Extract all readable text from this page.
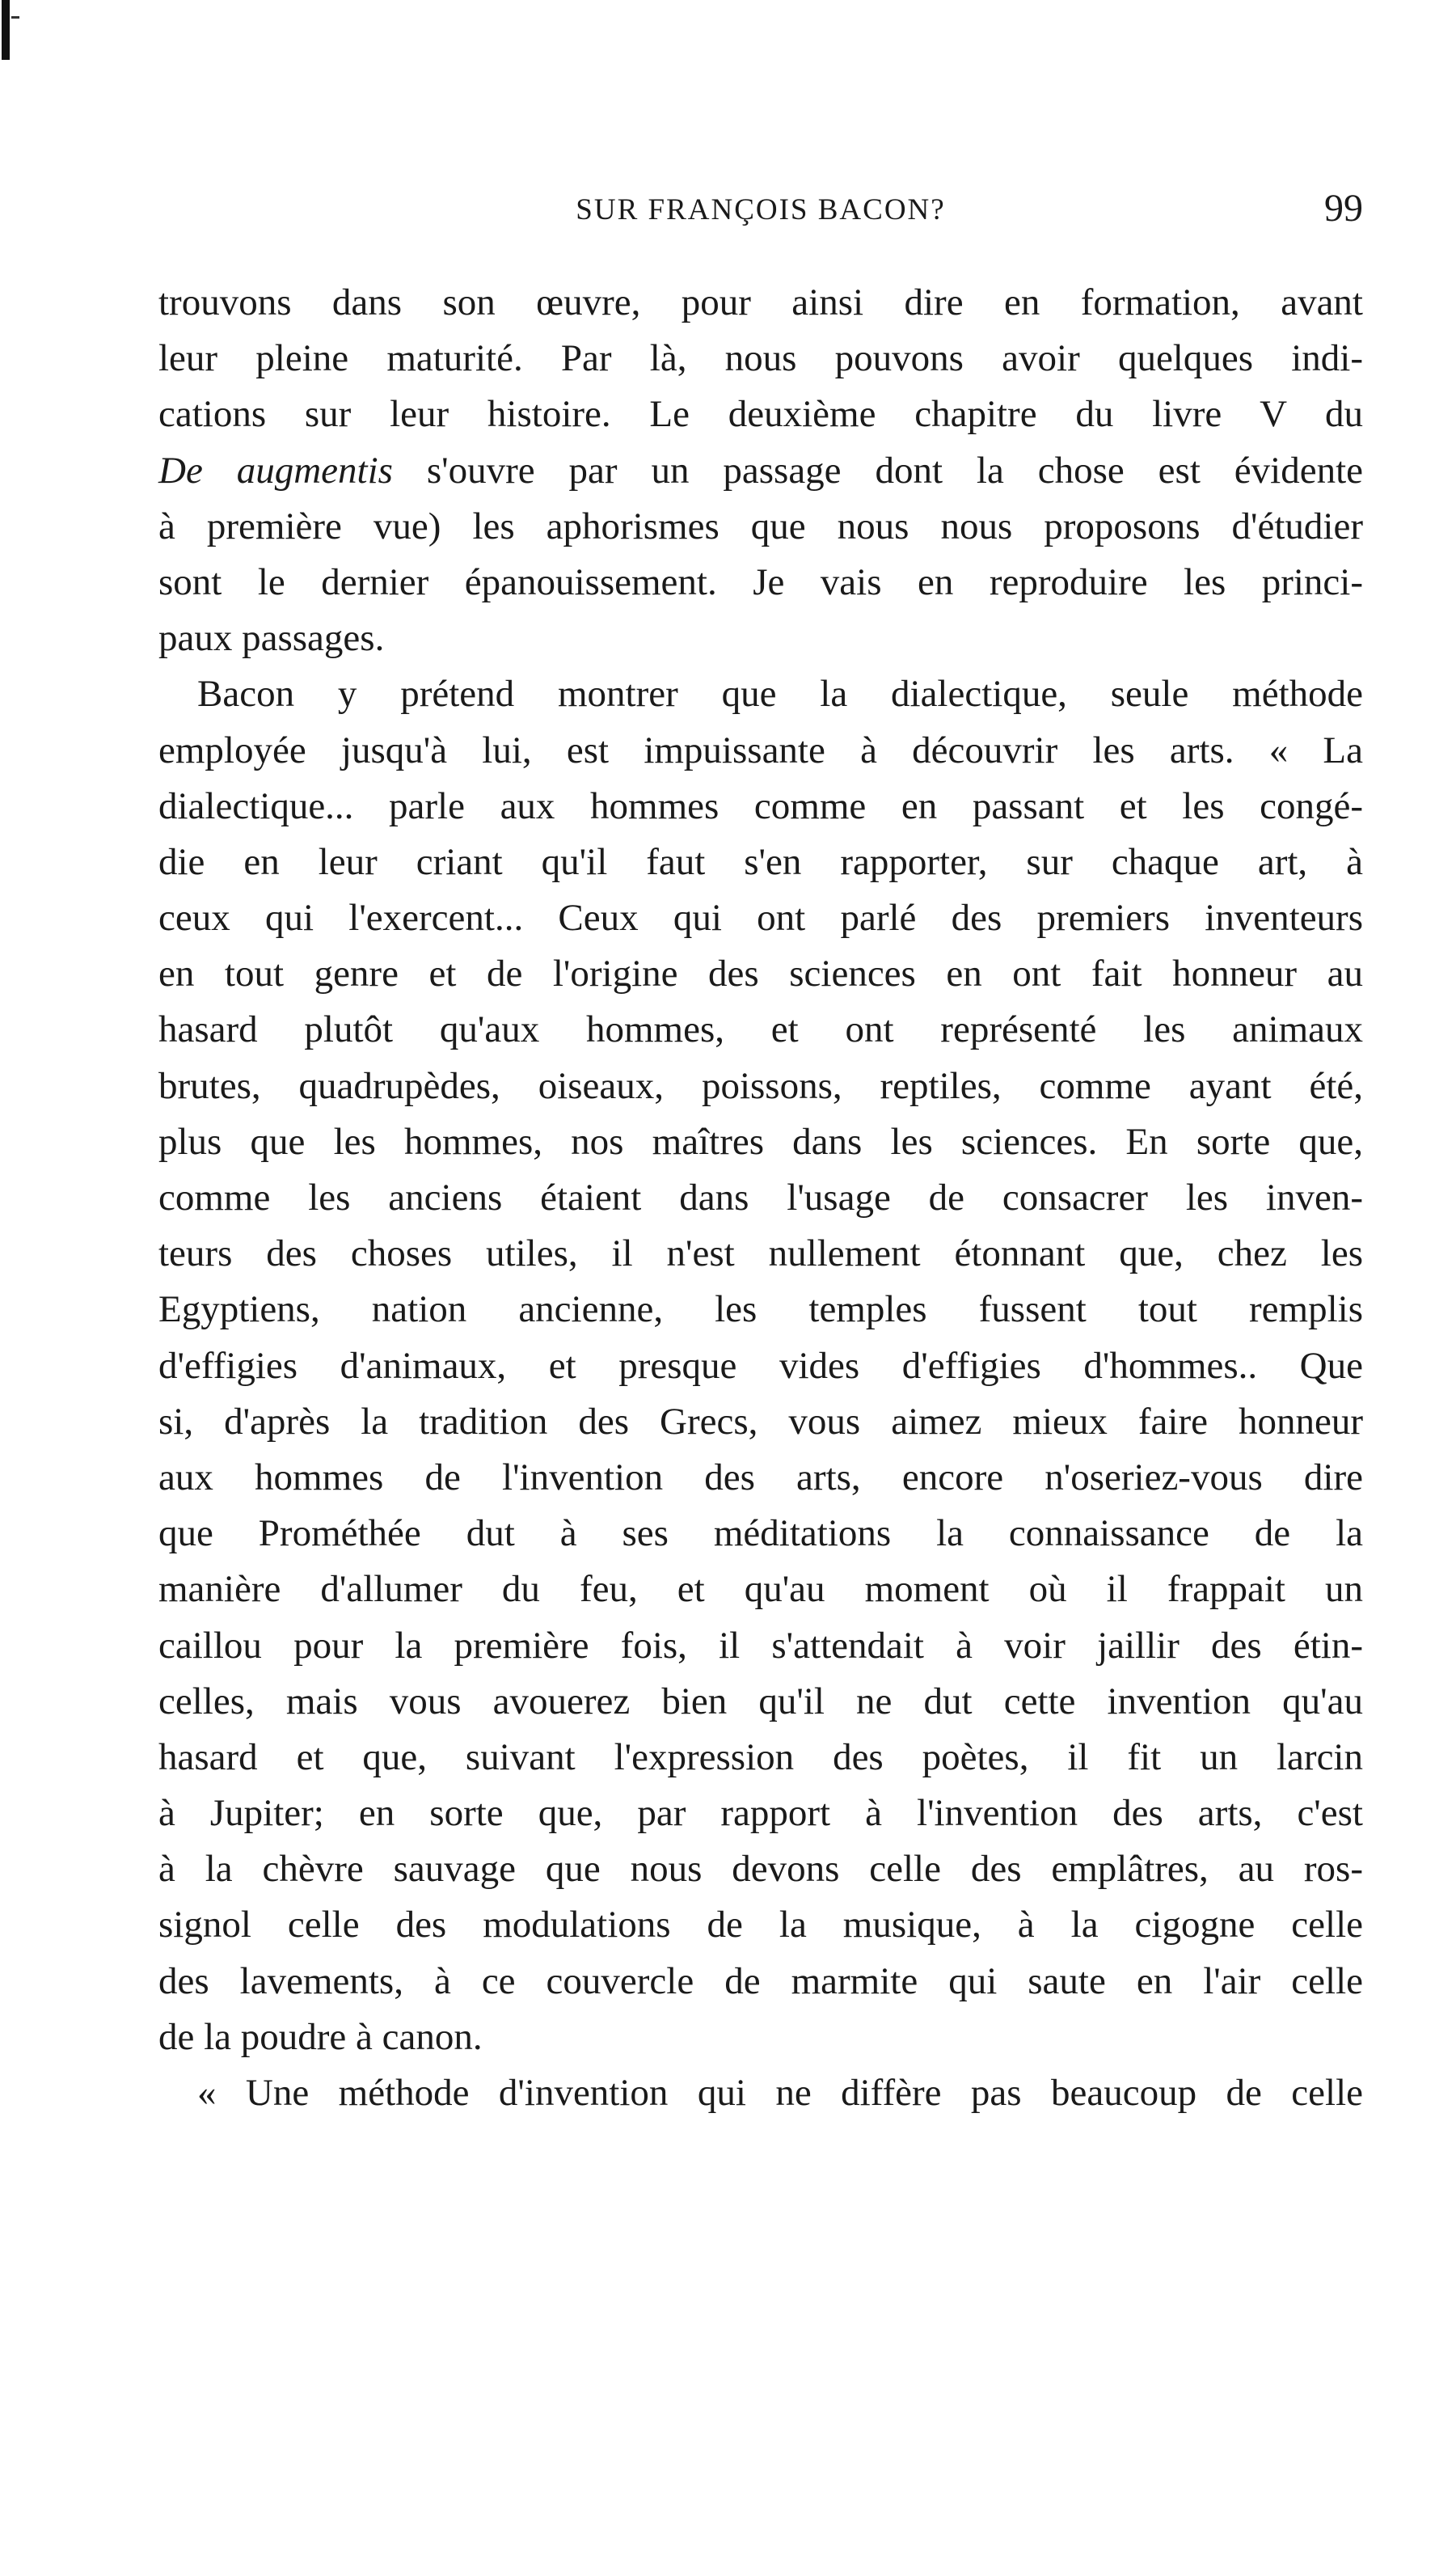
SUR FRANÇOIS BACON?	99
trouvons dans son œuvre, pour ainsi dire en formation, avant
leur pleine maturité. Par là, nous pouvons avoir quelques indi-
cations sur leur histoire. Le deuxième chapitre du livre V du
De augmentis s'ouvre par un passage dont la chose est évidente
à première vue) les aphorismes que nous nous proposons d'étudier
sont le dernier épanouissement. Je vais en reproduire les princi-
paux passages.
Bacon y prétend montrer que la dialectique, seule méthode
employée jusqu'à lui, est impuissante à découvrir les arts. « La
dialectique... parle aux hommes comme en passant et les congé-
die en leur criant qu'il faut s'en rapporter, sur chaque art, à
ceux qui l'exercent... Ceux qui ont parlé des premiers inventeurs
en tout genre et de l'origine des sciences en ont fait honneur au
hasard plutôt qu'aux hommes, et ont représenté les animaux
brutes, quadrupèdes, oiseaux, poissons, reptiles, comme ayant été,
plus que les hommes, nos maîtres dans les sciences. En sorte que,
comme les anciens étaient dans l'usage de consacrer les inven-
teurs des choses utiles, il n'est nullement étonnant que, chez les
Egyptiens, nation ancienne, les temples fussent tout remplis
d'effigies d'animaux, et presque vides d'effigies d'hommes.. Que
si, d'après la tradition des Grecs, vous aimez mieux faire honneur
aux hommes de l'invention des arts, encore n'oseriez-vous dire
que Prométhée dut à ses méditations la connaissance de la
manière d'allumer du feu, et qu'au moment où il frappait un
caillou pour la première fois, il s'attendait à voir jaillir des étin-
celles, mais vous avouerez bien qu'il ne dut cette invention qu'au
hasard et que, suivant l'expression des poètes, il fit un larcin
à Jupiter; en sorte que, par rapport à l'invention des arts, c'est
à la chèvre sauvage que nous devons celle des emplâtres, au ros-
signol celle des modulations de la musique, à la cigogne celle
des lavements, à ce couvercle de marmite qui saute en l'air celle
de la poudre à canon.
« Une méthode d'invention qui ne diffère pas beaucoup de celle
